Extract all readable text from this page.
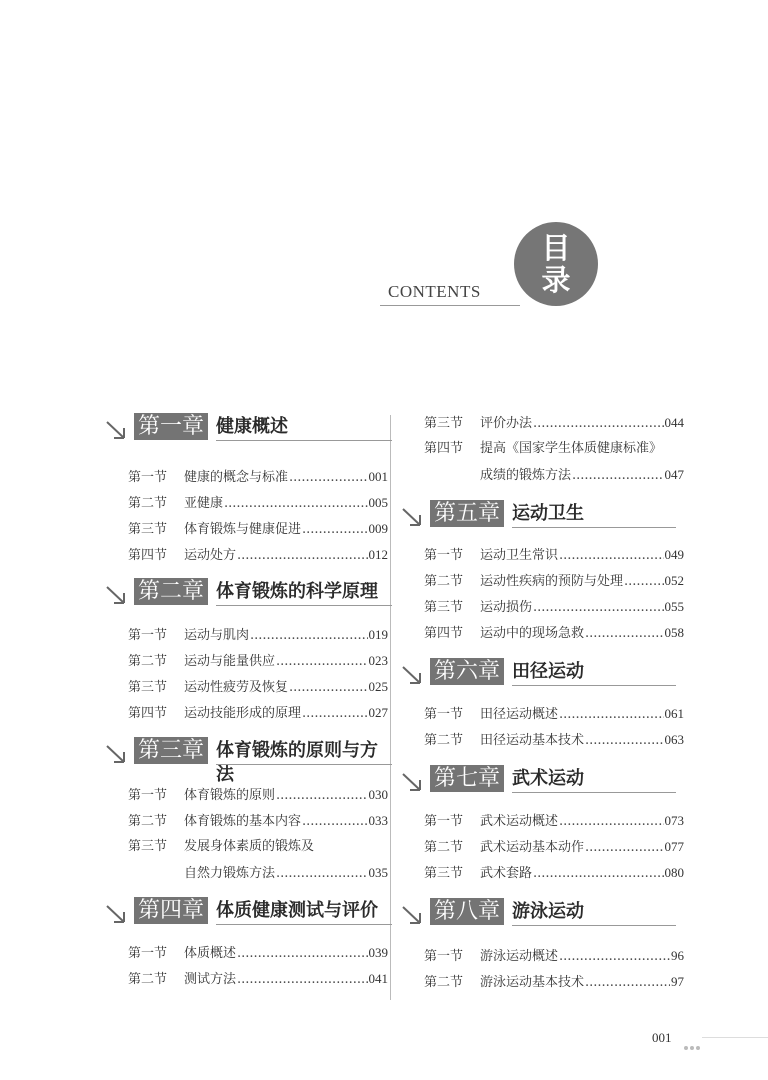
CONTENTS
目
录
第一章 健康概述
第一节	健康的概念与标准 .....	001
第二节	亚健康 .....	005
第三节	体育锻炼与健康促进 .....	009
第四节	运动处方 .....	012
第二章 体育锻炼的科学原理
第一节	运动与肌肉 .....	019
第二节	运动与能量供应 .....	023
第三节	运动性疲劳及恢复 .....	025
第四节	运动技能形成的原理 .....	027
第三章 体育锻炼的原则与方法
第一节	体育锻炼的原则 .....	030
第二节	体育锻炼的基本内容 .....	033
第三节	发展身体素质的锻炼及
自然力锻炼方法 .....	035
第四章 体质健康测试与评价
第一节	体质概述 .....	039
第二节	测试方法 .....	041
第三节	评价办法 .....	044
第四节	提高《国家学生体质健康标准》
成绩的锻炼方法 .....	047
第五章 运动卫生
第一节	运动卫生常识 .....	049
第二节	运动性疾病的预防与处理 .....	052
第三节	运动损伤 .....	055
第四节	运动中的现场急救 .....	058
第六章 田径运动
第一节	田径运动概述 .....	061
第二节	田径运动基本技术 .....	063
第七章 武术运动
第一节	武术运动概述 .....	073
第二节	武术运动基本动作 .....	077
第三节	武术套路 .....	080
第八章 游泳运动
第一节	游泳运动概述 .....	96
第二节	游泳运动基本技术 .....	97
001
